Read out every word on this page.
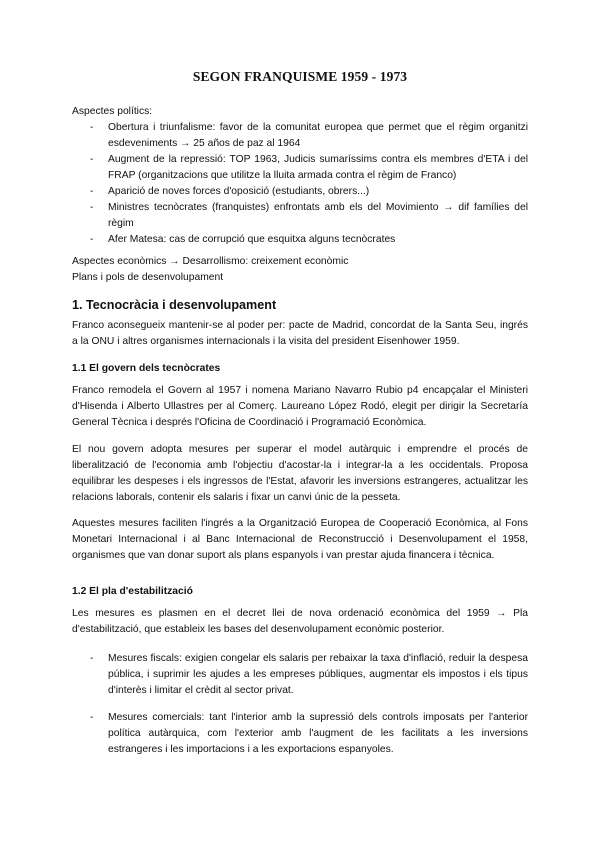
SEGON FRANQUISME 1959 - 1973

Aspectes polítics:

- Obertura i triunfalisme: favor de la comunitat europea que permet que el règim organitzi esdeveniments → 25 años de paz al 1964
- Augment de la repressió: TOP 1963, Judicis sumaríssims contra els membres d'ETA i del FRAP (organitzacions que utilitze la lluita armada contra el règim de Franco)
- Aparició de noves forces d'oposició (estudiants, obrers...)
- Ministres tecnòcrates (franquistes) enfrontats amb els del Movimiento → dif famílies del règim
- Afer Matesa: cas de corrupció que esquitxa alguns tecnòcrates

Aspectes econòmics → Desarrollismo: creixement econòmic

Plans i pols de desenvolupament

1. Tecnocràcia i desenvolupament

Franco aconsegueix mantenir-se al poder per: pacte de Madrid, concordat de la Santa Seu, ingrés a la ONU i altres organismes internacionals i la visita del president Eisenhower 1959.

1.1 El govern dels tecnòcrates

Franco remodela el Govern al 1957 i nomena Mariano Navarro Rubio p4 encapçalar el Ministeri d'Hisenda i Alberto Ullastres per al Comerç. Laureano López Rodó, elegit per dirigir la Secretaría General Tècnica i després l'Oficina de Coordinació i Programació Econòmica.

El nou govern adopta mesures per superar el model autàrquic i emprendre el procés de liberalització de l'economia amb l'objectiu d'acostar-la i integrar-la a les occidentals. Proposa equilibrar les despeses i els ingressos de l'Estat, afavorir les inversions estrangeres, actualitzar les relacions laborals, contenir els salaris i fixar un canvi únic de la pesseta.

Aquestes mesures faciliten l'ingrés a la Organització Europea de Cooperació Econòmica, al Fons Monetari Internacional i al Banc Internacional de Reconstrucció i Desenvolupament el 1958, organismes que van donar suport als plans espanyols i van prestar ajuda financera i tècnica.

1.2 El pla d'estabilització

Les mesures es plasmen en el decret llei de nova ordenació econòmica del 1959 → Pla d'estabilització, que estableix les bases del desenvolupament econòmic posterior.

- Mesures fiscals: exigien congelar els salaris per rebaixar la taxa d'inflació, reduir la despesa pública, i suprimir les ajudes a les empreses públiques, augmentar els impostos i els tipus d'interès i limitar el crèdit al sector privat.
- Mesures comercials: tant l'interior amb la supressió dels controls imposats per l'anterior política autàrquica, com l'exterior amb l'augment de les facilitats a les inversions estrangeres i les importacions i a les exportacions espanyoles.
